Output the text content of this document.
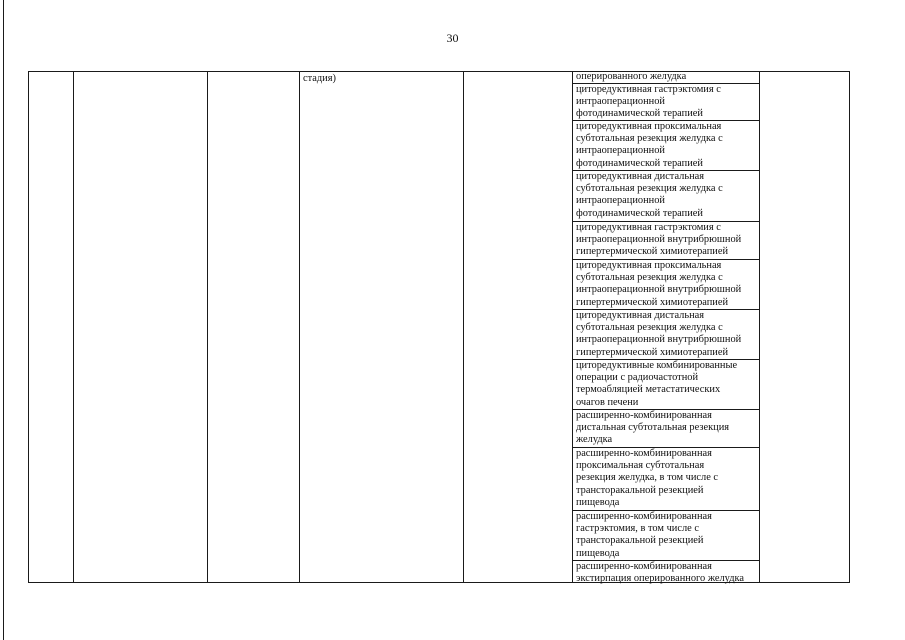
30
стадия)	оперированного желудка
циторедуктивная гастрэктомия с
интраоперационной
фотодинамической терапией
циторедуктивная проксимальная
субтотальная резекция желудка с
интраоперационной
фотодинамической терапией
циторедуктивная дистальная
субтотальная резекция желудка с
интраоперационной
фотодинамической терапией
циторедуктивная гастрэктомия с
интраоперационной внутрибрюшной
гипертермической химиотерапией
циторедуктивная проксимальная
субтотальная резекция желудка с
интраоперационной внутрибрюшной
гипертермической химиотерапией
циторедуктивная дистальная
субтотальная резекция желудка с
интраоперационной внутрибрюшной
гипертермической химиотерапией
циторедуктивные комбинированные
операции с радиочастотной
термоабляцией метастатических
очагов печени
расширенно-комбинированная
дистальная субтотальная резекция
желудка
расширенно-комбинированная
проксимальная субтотальная
резекция желудка, в том числе с
трансторакальной резекцией
пищевода
расширенно-комбинированная
гастрэктомия, в том числе с
трансторакальной резекцией
пищевода
расширенно-комбинированная
экстирпация оперированного желудка
